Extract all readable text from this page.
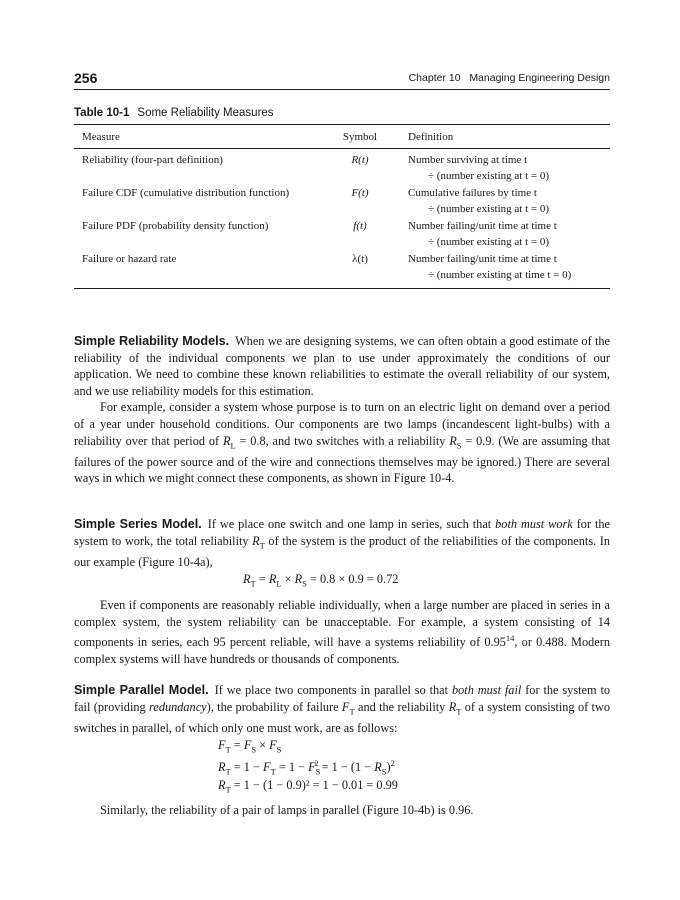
256	Chapter 10 Managing Engineering Design
Table 10-1 Some Reliability Measures
Measure	Symbol	Definition
Reliability (four-part definition)	R(t)	Number surviving at time t
÷ (number existing at t = 0)
Failure CDF (cumulative distribution function)	F(t)	Cumulative failures by time t
÷ (number existing at t = 0)
Failure PDF (probability density function)	f(t)	Number failing/unit time at time t
÷ (number existing at t = 0)
Failure or hazard rate	λ(t)	Number failing/unit time at time t
÷ (number existing at time t = 0)

Simple Reliability Models. When we are designing systems, we can often obtain a good estimate of the reliability of the individual components we plan to use under approximately the conditions of our application. We need to combine these known reliabilities to estimate the overall reliability of our system, and we use reliability models for this estimation.

For example, consider a system whose purpose is to turn on an electric light on demand over a period of a year under household conditions. Our components are two lamps (incandescent light-bulbs) with a reliability over that period of $R_L = 0.8$, and two switches with a reliability $R_S = 0.9$. (We are assuming that failures of the power source and of the wire and connections themselves may be ignored.) There are several ways in which we might connect these components, as shown in Figure 10-4.

Simple Series Model. If we place one switch and one lamp in series, such that both must work for the system to work, the total reliability $R_T$ of the system is the product of the reliabilities of the components. In our example (Figure 10-4a),

$R_T = R_L \times R_S = 0.8 \times 0.9 = 0.72$

Even if components are reasonably reliable individually, when a large number are placed in series in a complex system, the system reliability can be unacceptable. For example, a system consisting of 14 components in series, each 95 percent reliable, will have a systems reliability of 0.95$^{14}$, or 0.488. Modern complex systems will have hundreds or thousands of components.

Simple Parallel Model. If we place two components in parallel so that both must fail for the system to fail (providing redundancy), the probability of failure $F_T$ and the reliability $R_T$ of a system consisting of two switches in parallel, of which only one must work, are as follows:

$F_T = F_S \times F_S$
$R_T = 1 - F_T = 1 - F_S^2 = 1 - (1 - R_S)^2$
$R_T = 1 - (1 - 0.9)^2 = 1 - 0.01 = 0.99$

Similarly, the reliability of a pair of lamps in parallel (Figure 10-4b) is 0.96.
